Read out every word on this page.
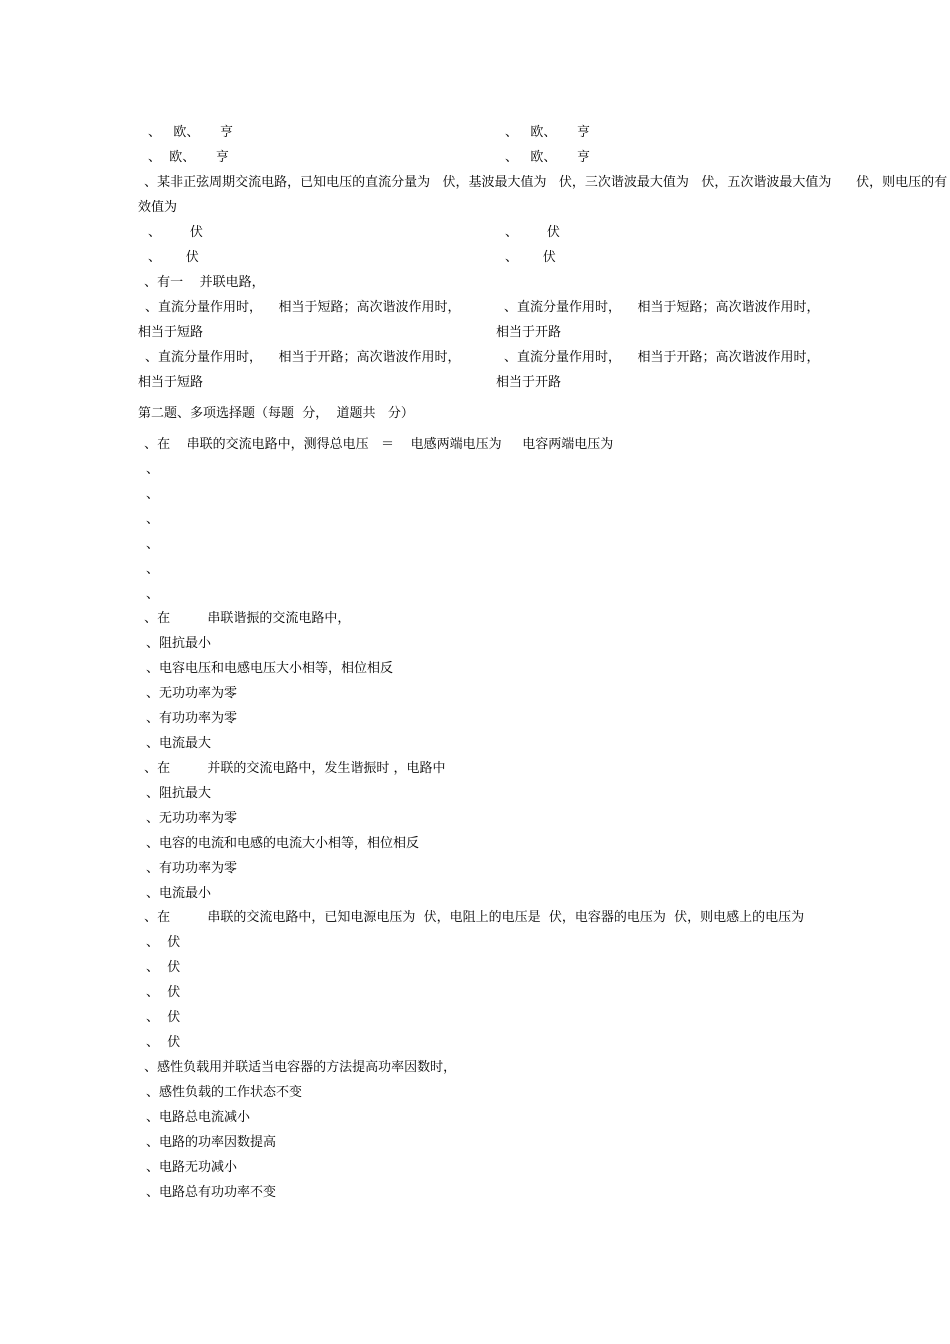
、   欧、     亨	、   欧、     亨
、  欧、     亨	、   欧、     亨
、某非正弦周期交流电路，已知电压的直流分量为   伏，基波最大值为   伏，三次谐波最大值为   伏，五次谐波最大值为      伏，则电压的有
效值为
、       伏	、       伏
、      伏	、      伏
、有一    并联电路，
、直流分量作用时，    相当于短路；高次谐波作用时，	、直流分量作用时，    相当于短路；高次谐波作用时，
相当于短路	相当于开路
、直流分量作用时，    相当于开路；高次谐波作用时，	、直流分量作用时，    相当于开路；高次谐波作用时，
相当于短路	相当于开路
第二题、多项选择题（每题  分，  道题共   分）
、在    串联的交流电路中，测得总电压   ＝    电感两端电压为     电容两端电压为
、
、
、
、
、
、
、在         串联谐振的交流电路中，
、阻抗最小
、电容电压和电感电压大小相等，相位相反
、无功功率为零
、有功功率为零
、电流最大
、在         并联的交流电路中，发生谐振时 ，电路中
、阻抗最大
、无功功率为零
、电容的电流和电感的电流大小相等，相位相反
、有功功率为零
、电流最小
、在         串联的交流电路中，已知电源电压为  伏，电阻上的电压是  伏，电容器的电压为  伏，则电感上的电压为
、  伏
、  伏
、  伏
、  伏
、  伏
、感性负载用并联适当电容器的方法提高功率因数时，
、感性负载的工作状态不变
、电路总电流减小
、电路的功率因数提高
、电路无功减小
、电路总有功功率不变
